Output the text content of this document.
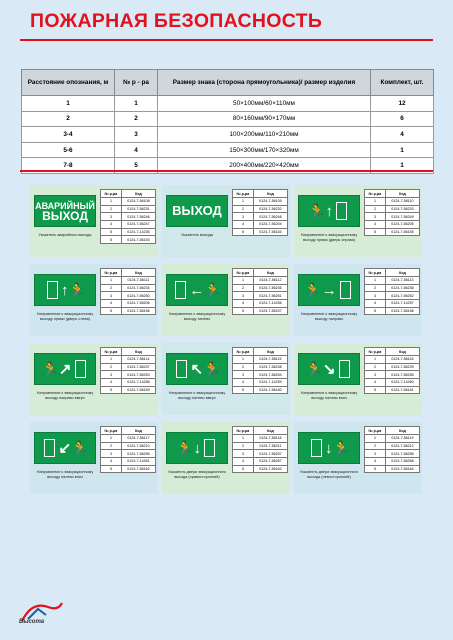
ПОЖАРНАЯ БЕЗОПАСНОСТЬ
Расстояние опознания, м	№ р - ра	Размер знака (сторона прямоугольника)/ размер изделия	Комплект, шт.
1	1	50×100мм/60×110мм	12
2	2	80×160мм/90×170мм	6
3-4	3	100×200мм/110×210мм	4
5-6	4	150×300мм/170×320мм	1
7-8	5	200×400мм/220×420мм	1
АВАРИЙНЫЙ
ВЫХОД
Указатель аварийного выхода
№ р-ра	Код
1	0124-7-56108
2	0124-7-56231
3	0124-7-56246
4	0124-7-56247
5	0124-7-14235
5	0124-7-56153
ВЫХОД
Указатель выхода
№ р-ра	Код
1	0124-7-56109
2	0124-7-56232
3	0124-7-56248
4	0124-7-56204
5	0124-7-56154
🏃 ↑
Направление к эвакуационному выходу прямо (дверь справа)
№ р-ра	Код
1	0124-7-56110
2	0124-7-56233
3	0124-7-56249
4	0124-7-56205
5	0124-7-56155
↑ 🏃
Направление к эвакуационному выходу прямо (дверь слева)
№ р-ра	Код
1	0124-7-56111
2	0124-7-56234
3	0124-7-56250
4	0124-7-56206
5	0124-7-56156
← 🏃
Направление к эвакуационному выходу налево
№ р-ра	Код
1	0124-7-56112
2	0124-7-56235
3	0124-7-56251
4	0124-7-14256
5	0124-7-56157
🏃 →
Направление к эвакуационному выходу направо
№ р-ра	Код
1	0124-7-56113
2	0124-7-56236
3	0124-7-56252
4	0124-7-14257
5	0124-7-56158
🏃 ↗
Направление к эвакуационному выходу направо вверх
№ р-ра	Код
1	0124-7-56114
2	0124-7-56237
3	0124-7-56253
4	0124-7-14258
5	0124-7-56159
↖ 🏃
Направление к эвакуационному выходу налево вверх
№ р-ра	Код
1	0124-7-56115
2	0124-7-56238
3	0124-7-56254
4	0124-7-14259
5	0124-7-56160
🏃 ↘
Направление к эвакуационному выходу налево вниз
№ р-ра	Код
1	0124-7-56116
2	0124-7-56239
3	0124-7-56255
4	0124-7-14260
5	0124-7-56161
↙ 🏃
Направление к эвакуационному выходу налево вниз
№ р-ра	Код
1	0124-7-56117
2	0124-7-56210
3	0124-7-56256
4	0124-7-14261
5	0124-7-56162
🏃 ↓
Указатель двери эвакуационного выхода (правосторонний)
№ р-ра	Код
1	0124-7-56118
2	0124-7-56211
3	0124-7-56257
4	0124-7-56267
5	0124-7-56163
↓ 🏃
Указатель двери эвакуационного выхода (левосторонний)
№ р-ра	Код
1	0124-7-56119
2	0124-7-56212
3	0124-7-56258
4	0124-7-56268
5	0124-7-56164
Высота
